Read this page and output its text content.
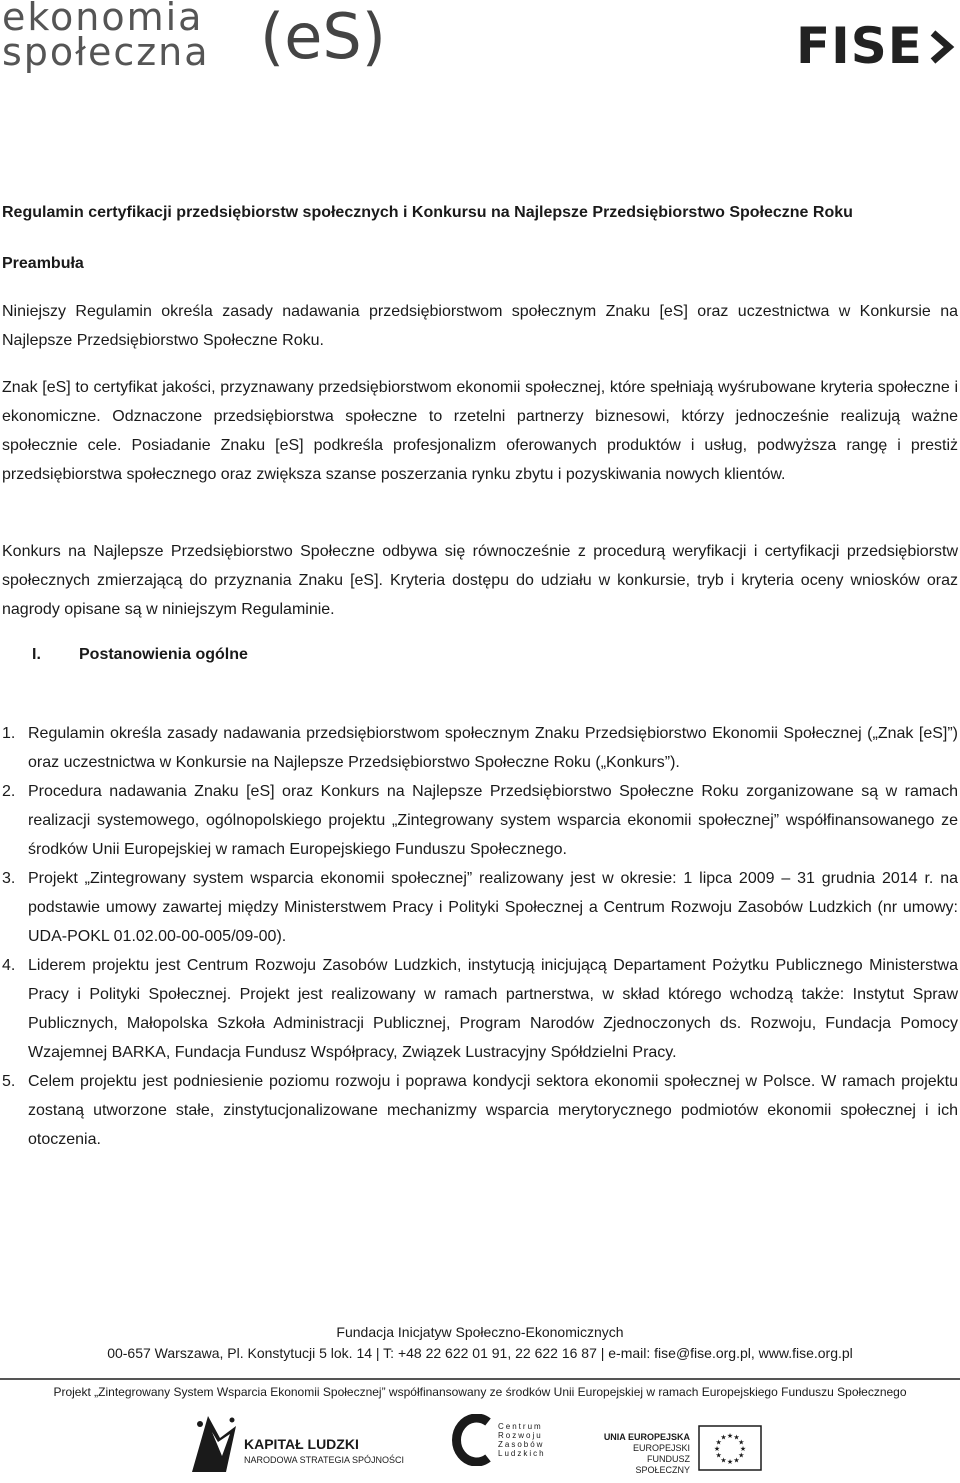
ekonomia
społeczna (eS)	FISE
Regulamin certyfikacji przedsiębiorstw społecznych i Konkursu na Najlepsze Przedsiębiorstwo Społeczne Roku
Preambuła
Niniejszy Regulamin określa zasady nadawania przedsiębiorstwom społecznym Znaku [eS] oraz uczestnictwa w Konkursie na Najlepsze Przedsiębiorstwo Społeczne Roku.
Znak [eS] to certyfikat jakości, przyznawany przedsiębiorstwom ekonomii społecznej, które spełniają wyśrubowane kryteria społeczne i ekonomiczne. Odznaczone przedsiębiorstwa społeczne to rzetelni partnerzy biznesowi, którzy jednocześnie realizują ważne społecznie cele. Posiadanie Znaku [eS] podkreśla profesjonalizm oferowanych produktów i usług, podwyższa rangę i prestiż przedsiębiorstwa społecznego oraz zwiększa szanse poszerzania rynku zbytu i pozyskiwania nowych klientów.
Konkurs na Najlepsze Przedsiębiorstwo Społeczne odbywa się równocześnie z procedurą weryfikacji i certyfikacji przedsiębiorstw społecznych zmierzającą do przyznania Znaku [eS]. Kryteria dostępu do udziału w konkursie, tryb i kryteria oceny wniosków oraz nagrody opisane są w niniejszym Regulaminie.
I. Postanowienia ogólne
1. Regulamin określa zasady nadawania przedsiębiorstwom społecznym Znaku Przedsiębiorstwo Ekonomii Społecznej („Znak [eS]”) oraz uczestnictwa w Konkursie na Najlepsze Przedsiębiorstwo Społeczne Roku („Konkurs”).
2. Procedura nadawania Znaku [eS] oraz Konkurs na Najlepsze Przedsiębiorstwo Społeczne Roku zorganizowane są w ramach realizacji systemowego, ogólnopolskiego projektu „Zintegrowany system wsparcia ekonomii społecznej” współfinansowanego ze środków Unii Europejskiej w ramach Europejskiego Funduszu Społecznego.
3. Projekt „Zintegrowany system wsparcia ekonomii społecznej” realizowany jest w okresie: 1 lipca 2009 – 31 grudnia 2014 r. na podstawie umowy zawartej między Ministerstwem Pracy i Polityki Społecznej a Centrum Rozwoju Zasobów Ludzkich (nr umowy: UDA-POKL 01.02.00-00-005/09-00).
4. Liderem projektu jest Centrum Rozwoju Zasobów Ludzkich, instytucją inicjującą Departament Pożytku Publicznego Ministerstwa Pracy i Polityki Społecznej. Projekt jest realizowany w ramach partnerstwa, w skład którego wchodzą także: Instytut Spraw Publicznych, Małopolska Szkoła Administracji Publicznej, Program Narodów Zjednoczonych ds. Rozwoju, Fundacja Pomocy Wzajemnej BARKA, Fundacja Fundusz Współpracy, Związek Lustracyjny Spółdzielni Pracy.
5. Celem projektu jest podniesienie poziomu rozwoju i poprawa kondycji sektora ekonomii społecznej w Polsce. W ramach projektu zostaną utworzone stałe, zinstytucjonalizowane mechanizmy wsparcia merytorycznego podmiotów ekonomii społecznej i ich otoczenia.
Fundacja Inicjatyw Społeczno-Ekonomicznych
00-657 Warszawa, Pl. Konstytucji 5 lok. 14 | T: +48 22 622 01 91, 22 622 16 87 | e-mail: fise@fise.org.pl, www.fise.org.pl
Projekt „Zintegrowany System Wsparcia Ekonomii Społecznej” współfinansowany ze środków Unii Europejskiej w ramach Europejskiego Funduszu Społecznego
KAPITAŁ LUDZKI
NARODOWA STRATEGIA SPÓJNOŚCI
Centrum
Rozwoju
Zasobów
Ludzkich
UNIA EUROPEJSKA
EUROPEJSKI
FUNDUSZ SPOŁECZNY
★
★
★
★
★
★
★
★
★ ★ ★
★
